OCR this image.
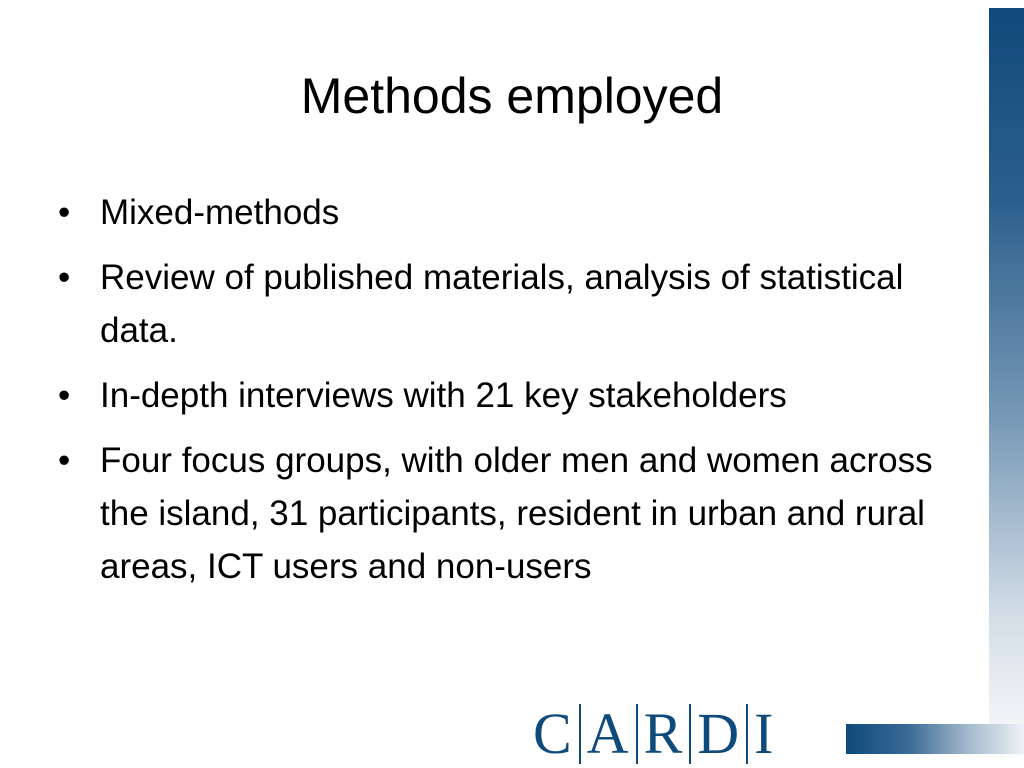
Methods employed
• Mixed-methods
• Review of published materials, analysis of statistical data.
• In-depth interviews with 21 key stakeholders
• Four focus groups, with older men and women across the island, 31 participants, resident in urban and rural areas, ICT users and non-users
C A R D I
